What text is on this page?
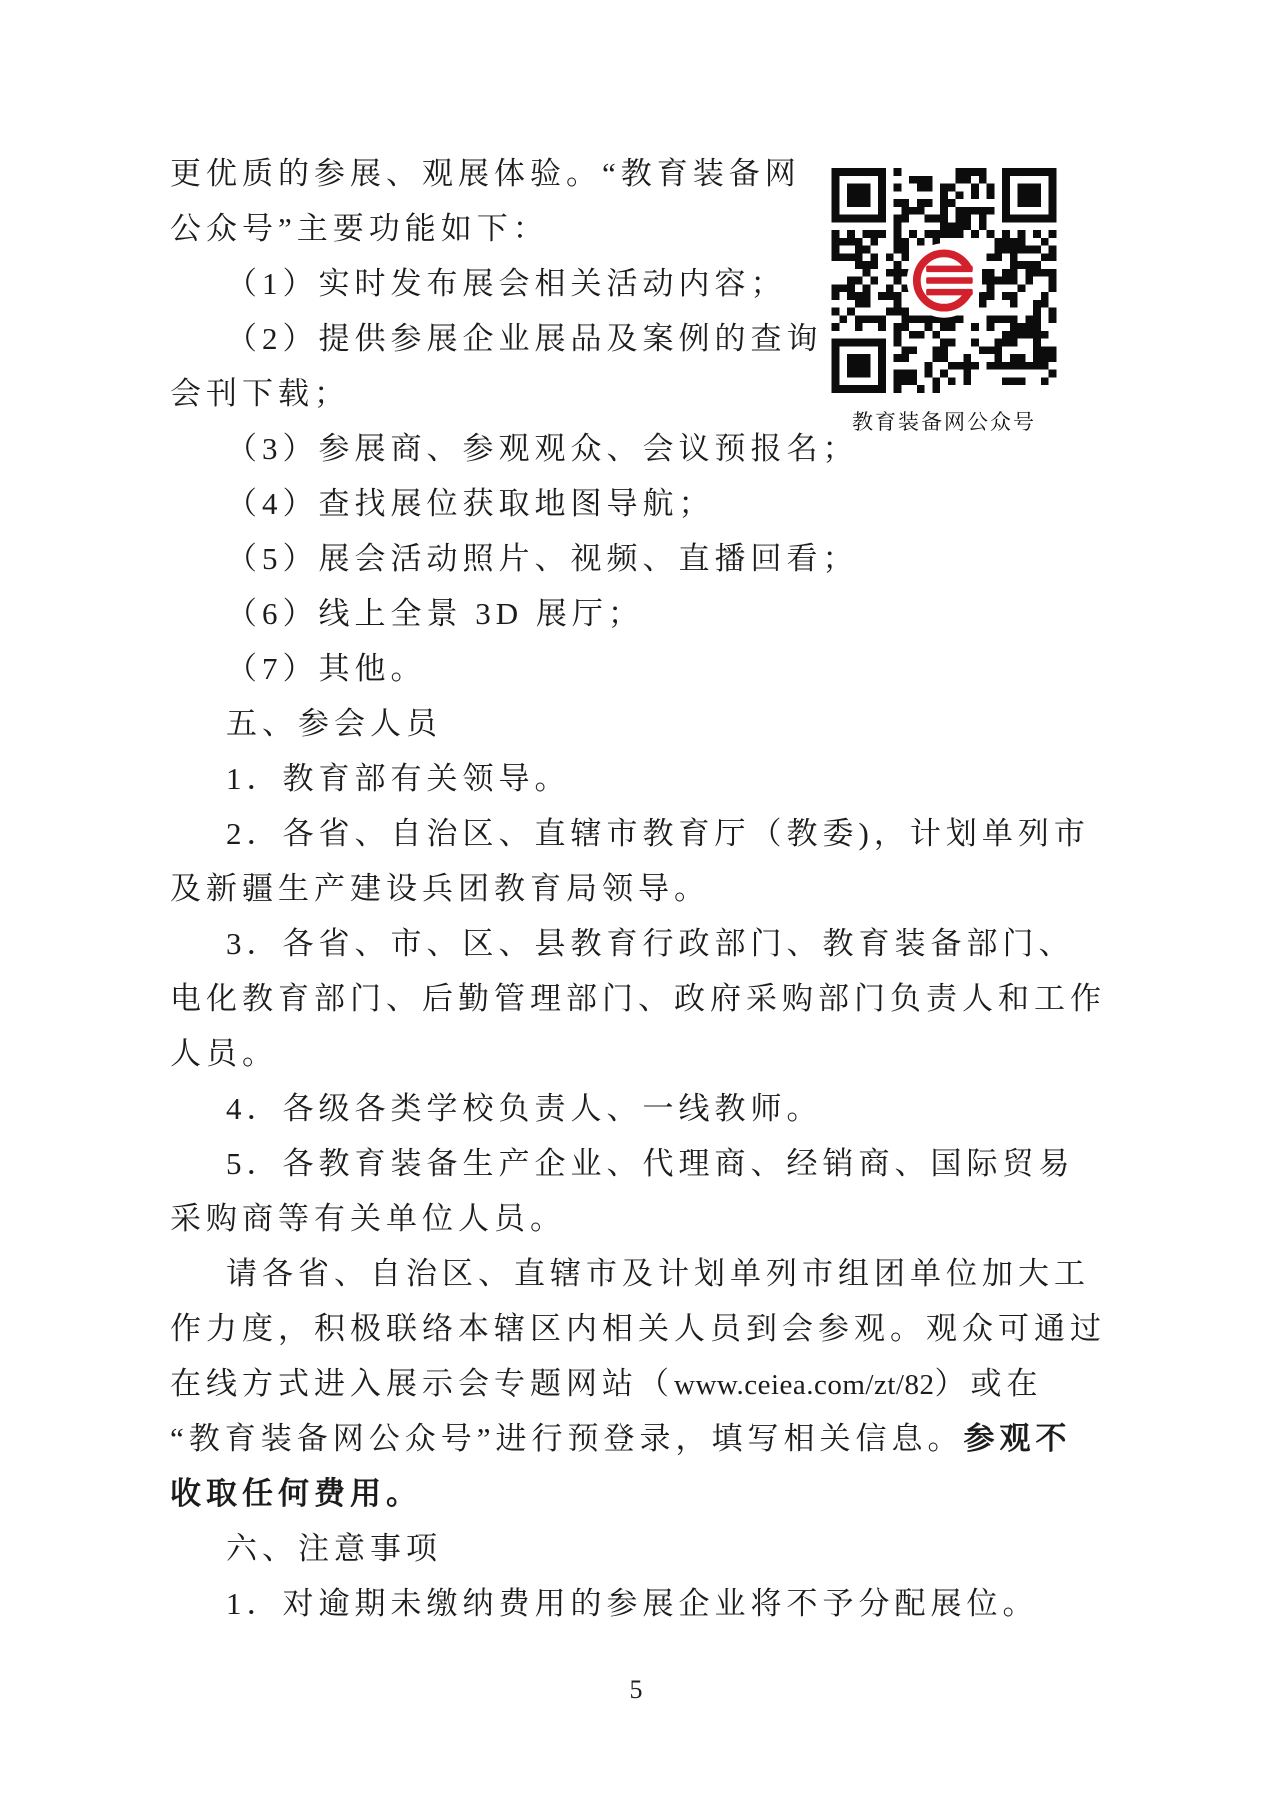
更优质的参展、观展体验。“教育装备网
公众号”主要功能如下：
（1）实时发布展会相关活动内容；
（2）提供参展企业展品及案例的查询
会刊下载；
教育装备网公众号
（3）参展商、参观观众、会议预报名；
（4）查找展位获取地图导航；
（5）展会活动照片、视频、直播回看；
（6）线上全景 3D 展厅；
（7）其他。
五、参会人员
1．教育部有关领导。
2．各省、自治区、直辖市教育厅（教委)，计划单列市
及新疆生产建设兵团教育局领导。
3．各省、市、区、县教育行政部门、教育装备部门、
电化教育部门、后勤管理部门、政府采购部门负责人和工作
人员。
4．各级各类学校负责人、一线教师。
5．各教育装备生产企业、代理商、经销商、国际贸易
采购商等有关单位人员。
请各省、自治区、直辖市及计划单列市组团单位加大工
作力度，积极联络本辖区内相关人员到会参观。观众可通过
在线方式进入展示会专题网站（www.ceiea.com/zt/82）或在
“教育装备网公众号”进行预登录，填写相关信息。参观不
收取任何费用。
六、注意事项
1．对逾期未缴纳费用的参展企业将不予分配展位。
5
